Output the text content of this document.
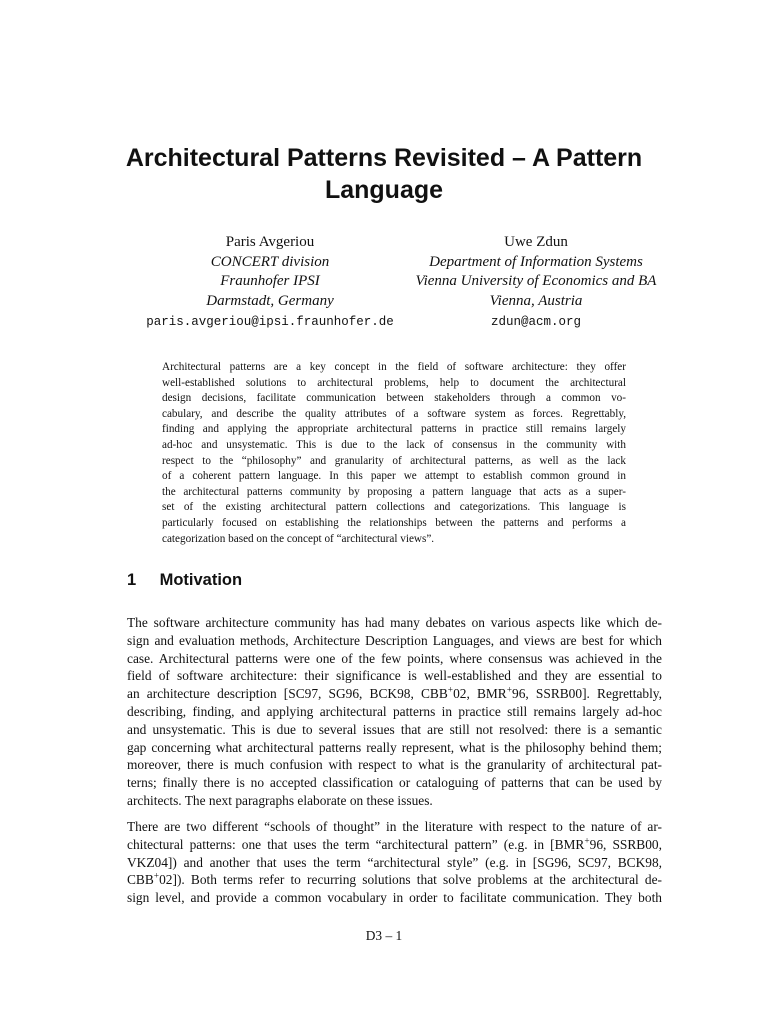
Architectural Patterns Revisited – A Pattern
Language
Paris Avgeriou
CONCERT division
Fraunhofer IPSI
Darmstadt, Germany
paris.avgeriou@ipsi.fraunhofer.de
Uwe Zdun
Department of Information Systems
Vienna University of Economics and BA
Vienna, Austria
zdun@acm.org
Architectural patterns are a key concept in the field of software architecture: they offer
well-established solutions to architectural problems, help to document the architectural
design decisions, facilitate communication between stakeholders through a common vo-
cabulary, and describe the quality attributes of a software system as forces. Regrettably,
finding and applying the appropriate architectural patterns in practice still remains largely
ad-hoc and unsystematic. This is due to the lack of consensus in the community with
respect to the “philosophy” and granularity of architectural patterns, as well as the lack
of a coherent pattern language. In this paper we attempt to establish common ground in
the architectural patterns community by proposing a pattern language that acts as a super-
set of the existing architectural pattern collections and categorizations. This language is
particularly focused on establishing the relationships between the patterns and performs a
categorization based on the concept of “architectural views”.
1 Motivation
The software architecture community has had many debates on various aspects like which de-
sign and evaluation methods, Architecture Description Languages, and views are best for which
case. Architectural patterns were one of the few points, where consensus was achieved in the
field of software architecture: their significance is well-established and they are essential to
an architecture description [SC97, SG96, BCK98, CBB+02, BMR+96, SSRB00]. Regrettably,
describing, finding, and applying architectural patterns in practice still remains largely ad-hoc
and unsystematic. This is due to several issues that are still not resolved: there is a semantic
gap concerning what architectural patterns really represent, what is the philosophy behind them;
moreover, there is much confusion with respect to what is the granularity of architectural pat-
terns; finally there is no accepted classification or cataloguing of patterns that can be used by
architects. The next paragraphs elaborate on these issues.
There are two different “schools of thought” in the literature with respect to the nature of ar-
chitectural patterns: one that uses the term “architectural pattern” (e.g. in [BMR+96, SSRB00,
VKZ04]) and another that uses the term “architectural style” (e.g. in [SG96, SC97, BCK98,
CBB+02]). Both terms refer to recurring solutions that solve problems at the architectural de-
sign level, and provide a common vocabulary in order to facilitate communication. They both
D3 – 1
